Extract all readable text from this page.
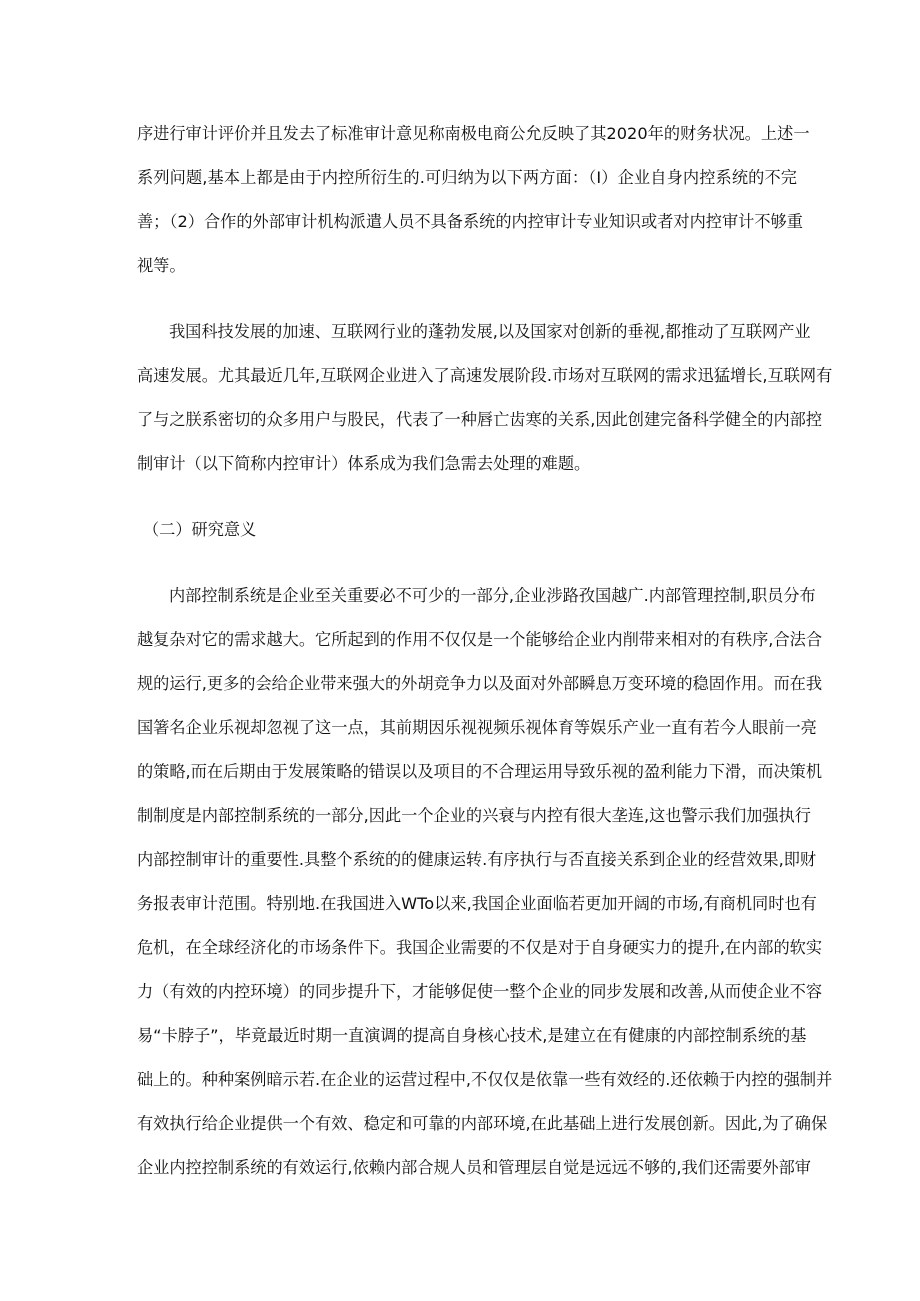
序进行审计评价并且发去了标准审计意见称南极电商公允反映了其2020年的财务状况。上述一
系列问题,基本上都是由于内控所衍生的.可归纳为以下两方面：（I）企业自身内控系统的不完
善；（2）合作的外部审计机构派遣人员不具备系统的内控审计专业知识或者对内控审计不够重
视等。
我国科技发展的加速、互联网行业的蓬勃发展,以及国家对创新的垂视,都推动了互联网产业
高速发展。尤其最近几年,互联网企业进入了高速发展阶段.市场对互联网的需求迅猛增长,互联网有
了与之朕系密切的众多用户与股民，代表了一种唇亡齿寒的关系,因此创建完备科学健全的内部控
制审计（以下简称内控审计）体系成为我们急需去处理的难题。
（二）研究意义
内部控制系统是企业至关重要必不可少的一部分,企业涉路孜国越广.内部管理控制,职员分布
越复杂对它的需求越大。它所起到的作用不仅仅是一个能够给企业内削带来相对的有秩序,合法合
规的运行,更多的会给企业带来强大的外胡竞争力以及面对外部瞬息万变环境的稳固作用。而在我
国箸名企业乐视却忽视了这一点，其前期因乐视视频乐视体育等娱乐产业一直有若今人眼前一亮
的策略,而在后期由于发展策略的错误以及项目的不合理运用导致乐视的盈利能力下滑，而决策机
制制度是内部控制系统的一部分,因此一个企业的兴衰与内控有很大垄连,这也警示我们加强执行
内部控制审计的重要性.具整个系统的的健康运转.有序执行与否直接关系到企业的经营效果,即财
务报表审计范围。特别地.在我国进入WTo以来,我国企业面临若更加开阔的市场,有商机同时也有
危机，在全球经济化的市场条件下。我国企业需要的不仅是对于自身硬实力的提升,在内部的软实
力（有效的内控环境）的同步提升下，才能够促使一整个企业的同步发展和改善,从而使企业不容
易“卡脖子”，毕竟最近时期一直演调的提高自身核心技术,是建立在有健康的内部控制系统的基
础上的。种种案例暗示若.在企业的运营过程中,不仅仅是依靠一些有效经的.还依赖于内控的强制并
有效执行给企业提供一个有效、稳定和可靠的内部环境,在此基础上进行发展创新。因此,为了确保
企业内控控制系统的有效运行,依赖内部合规人员和管理层自觉是远远不够的,我们还需要外部审
